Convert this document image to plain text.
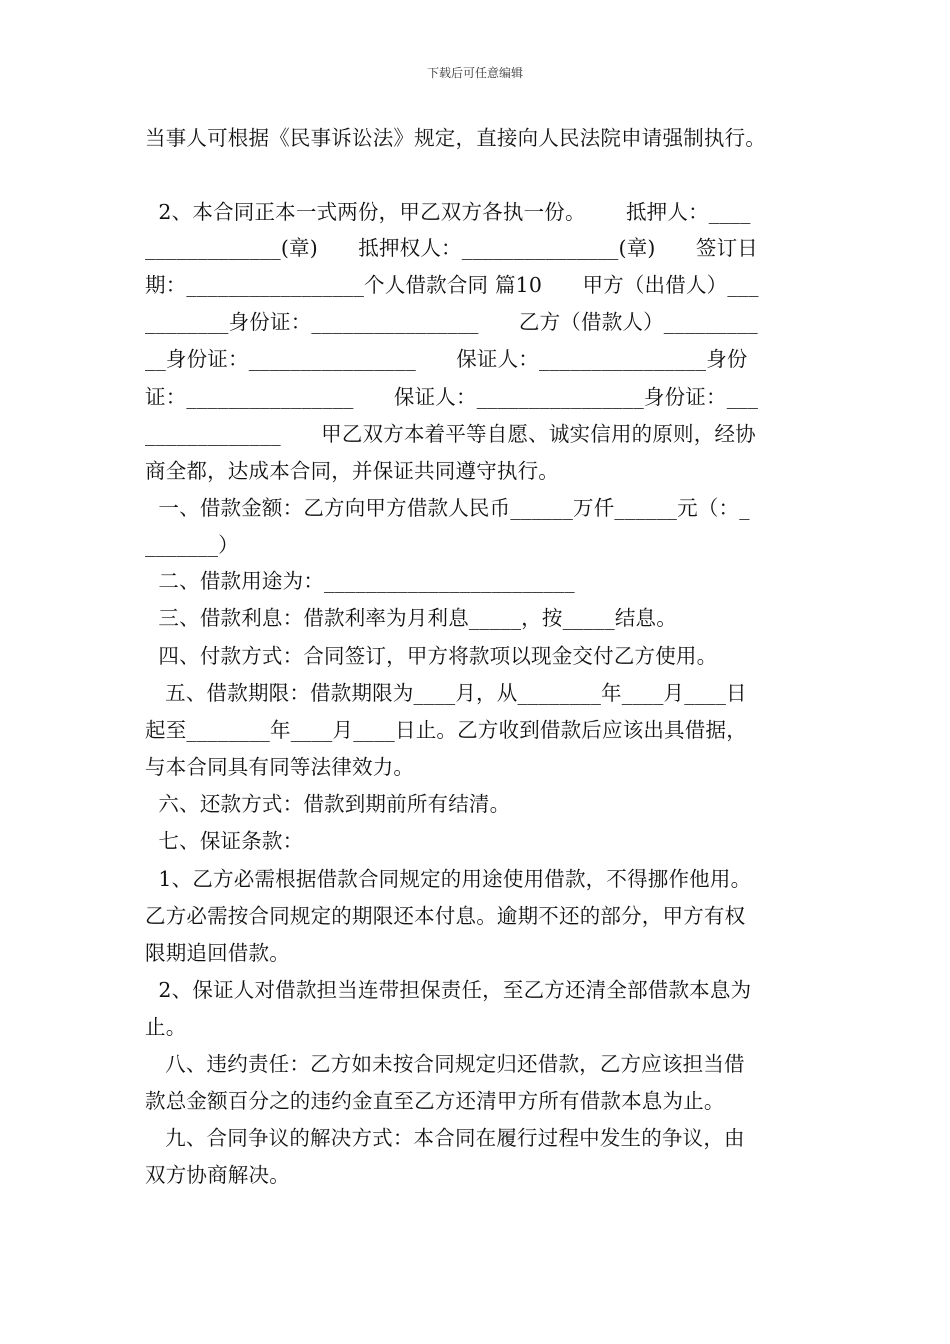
下载后可任意编辑
当事人可根据《民事诉讼法》规定，直接向人民法院申请强制执行。
2、本合同正本一式两份，甲乙双方各执一份。      抵押人：____
_____________(章)      抵押权人：_______________(章)      签订日
期：_________________个人借款合同 篇10      甲方（出借人）___
________身份证：________________      乙方（借款人）_________
__身份证：________________      保证人：________________身份
证：________________      保证人：________________身份证：___
_____________      甲乙双方本着平等自愿、诚实信用的原则，经协
商全都，达成本合同，并保证共同遵守执行。
一、借款金额：乙方向甲方借款人民币______万仟______元（：_
_______）
二、借款用途为：________________________
三、借款利息：借款利率为月利息_____，按_____结息。
四、付款方式：合同签订，甲方将款项以现金交付乙方使用。
五、借款期限：借款期限为____月，从________年____月____日
起至________年____月____日止。乙方收到借款后应该出具借据，
与本合同具有同等法律效力。
六、还款方式：借款到期前所有结清。
七、保证条款：
1、乙方必需根据借款合同规定的用途使用借款，不得挪作他用。
乙方必需按合同规定的期限还本付息。逾期不还的部分，甲方有权
限期追回借款。
2、保证人对借款担当连带担保责任，至乙方还清全部借款本息为
止。
八、违约责任：乙方如未按合同规定归还借款，乙方应该担当借
款总金额百分之的违约金直至乙方还清甲方所有借款本息为止。
九、合同争议的解决方式：本合同在履行过程中发生的争议，由
双方协商解决。
